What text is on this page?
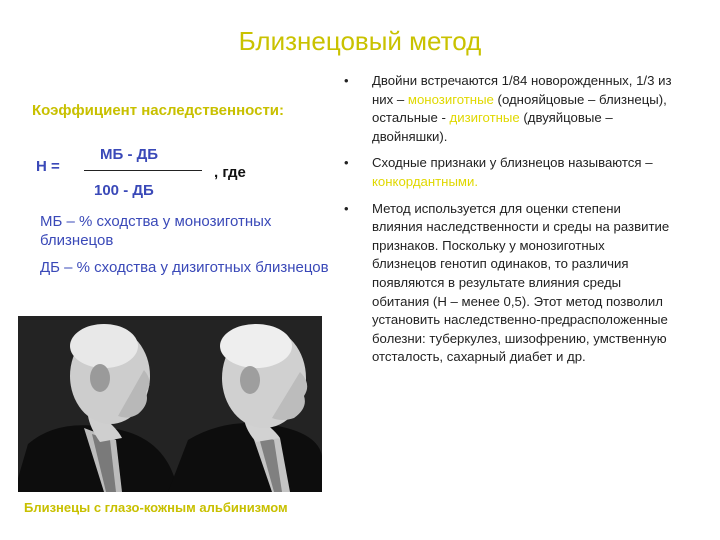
Близнецовый метод
Коэффициент наследственности:
Н =
МБ - ДБ
100 - ДБ
, где
МБ – % сходства у монозиготных близнецов
ДБ – % сходства у дизиготных близнецов
Близнецы с глазо-кожным альбинизмом
• Двойни встречаются 1/84 новорожденных, 1/3 из них – монозиготные (однояйцовые – близнецы), остальные - дизиготные (двуяйцовые – двойняшки).
• Сходные признаки у близнецов называются – конкордантными.
• Метод используется для оценки степени влияния наследственности и среды на развитие признаков. Поскольку у монозиготных близнецов генотип одинаков, то различия появляются в результате влияния среды обитания (Н – менее 0,5). Этот метод позволил установить наследственно-предрасположенные болезни: туберкулез, шизофрению, умственную отсталость, сахарный диабет и др.
